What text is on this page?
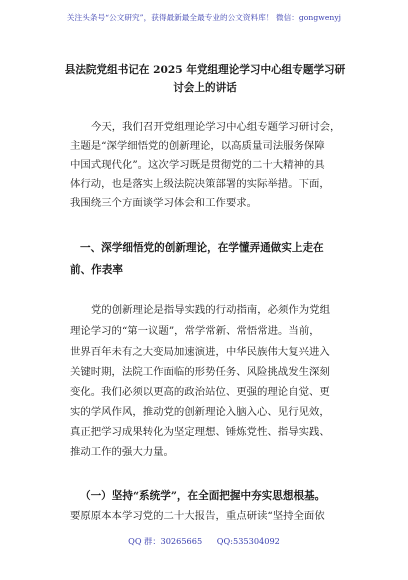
关注头条号“公文研究”，获得最新最全最专业的公文资料库！ 微信：gongwenyj
县法院党组书记在 2025 年党组理论学习中心组专题学习研
讨会上的讲话
今天，我们召开党组理论学习中心组专题学习研讨会，
主题是“深学细悟党的创新理论，以高质量司法服务保障
中国式现代化”。这次学习既是贯彻党的二十大精神的具
体行动，也是落实上级法院决策部署的实际举措。下面，
我围绕三个方面谈学习体会和工作要求。
一、深学细悟党的创新理论，在学懂弄通做实上走在
前、作表率
党的创新理论是指导实践的行动指南，必须作为党组
理论学习的“第一议题”，常学常新、常悟常进。当前，
世界百年未有之大变局加速演进，中华民族伟大复兴进入
关键时期，法院工作面临的形势任务、风险挑战发生深刻
变化。我们必须以更高的政治站位、更强的理论自觉、更
实的学风作风，推动党的创新理论入脑入心、见行见效，
真正把学习成果转化为坚定理想、锤炼党性、指导实践、
推动工作的强大力量。
（一）坚持“系统学”，在全面把握中夯实思想根基。
要原原本本学习党的二十大报告，重点研读“坚持全面依
QQ 群：30265665 QQ:535304092
